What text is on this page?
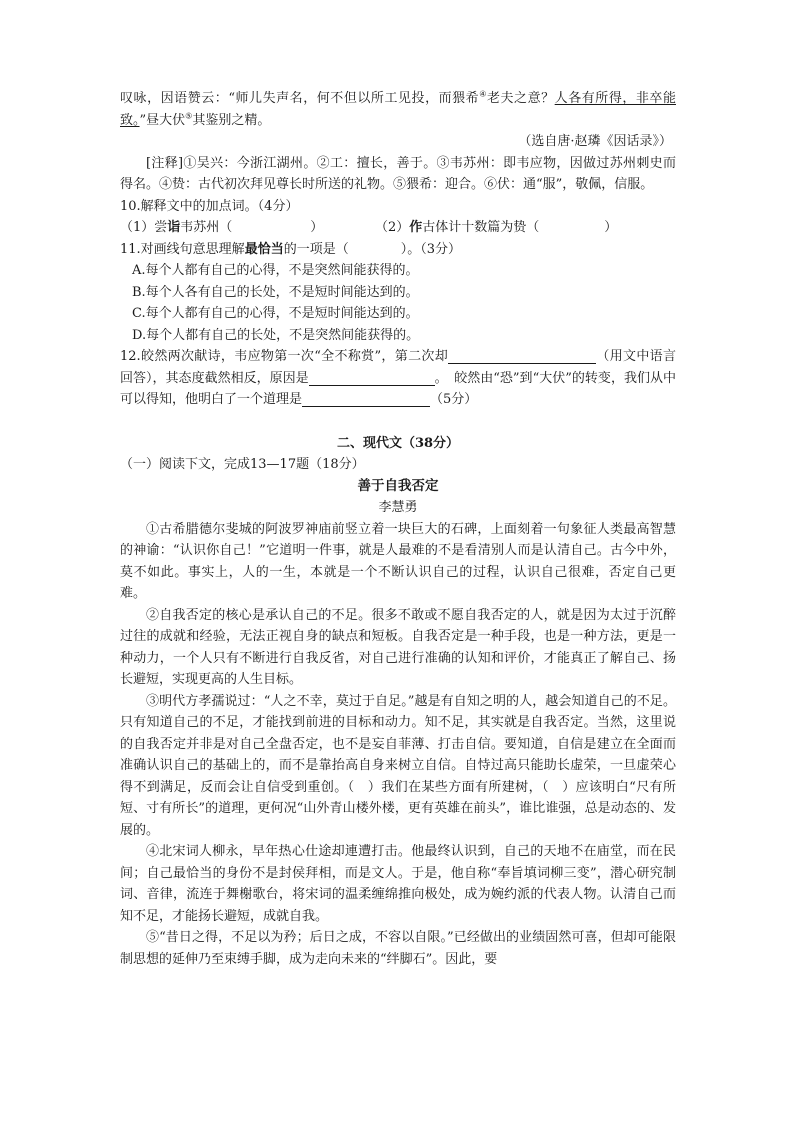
叹咏，因语赞云：“师儿失声名，何不但以所工见投，而猥希④老夫之意？人各有所得，非卒能致。”昼大伏⑤其鉴别之精。

（选自唐·赵璘《因话录》）

[注释]①吴兴：今浙江湖州。②工：擅长，善于。③韦苏州：即韦应物，因做过苏州刺史而得名。④贽：古代初次拜见尊长时所送的礼物。⑤猥希：迎合。⑥伏：通“服”，敬佩，信服。

10.解释文中的加点词。（4分）

（1）尝诣韦苏州（　　　　　　）	（2）作古体计十数篇为贽（　　　　　）

11.对画线句意思理解最恰当的一项是（　　　　）。（3分）

A.每个人都有自己的心得，不是突然间能获得的。

B.每个人各有自己的长处，不是短时间能达到的。

C.每个人都有自己的心得，不是短时间能达到的。

D.每个人都有自己的长处，不是突然间能获得的。

12.皎然两次献诗，韦应物第一次“全不称赏”，第二次却	（用文中语言回答），其态度截然相反，原因是	。　皎然由“恐”到“大伏”的转变，我们从中可以得知，他明白了一个道理是	（5分）

二、现代文（38分）

（一）阅读下文，完成13—17题（18分）

善于自我否定

李慧勇

①古希腊德尔斐城的阿波罗神庙前竖立着一块巨大的石碑，上面刻着一句象征人类最高智慧的神谕：“认识你自己！”它道明一件事，就是人最难的不是看清别人而是认清自己。古今中外，莫不如此。事实上，人的一生，本就是一个不断认识自己的过程，认识自己很难，否定自己更难。

②自我否定的核心是承认自己的不足。很多不敢或不愿自我否定的人，就是因为太过于沉醉过往的成就和经验，无法正视自身的缺点和短板。自我否定是一种手段，也是一种方法，更是一种动力，一个人只有不断进行自我反省，对自己进行准确的认知和评价，才能真正了解自己、扬长避短，实现更高的人生目标。

③明代方孝孺说过：“人之不幸，莫过于自足。”越是有自知之明的人，越会知道自己的不足。只有知道自己的不足，才能找到前进的目标和动力。知不足，其实就是自我否定。当然，这里说的自我否定并非是对自己全盘否定，也不是妄自菲薄、打击自信。要知道，自信是建立在全面而准确认识自己的基础上的，而不是靠抬高自身来树立自信。自恃过高只能助长虚荣，一旦虚荣心得不到满足，反而会让自信受到重创。（　）我们在某些方面有所建树，（　）应该明白“尺有所短、寸有所长”的道理，更何况“山外青山楼外楼，更有英雄在前头”，谁比谁强，总是动态的、发展的。

④北宋词人柳永，早年热心仕途却連遭打击。他最终认识到，自己的天地不在庙堂，而在民间；自己最恰当的身份不是封侯拜相，而是文人。于是，他自称“奉旨填词柳三变”，潜心研究制词、音律，流连于舞榭歌台，将宋词的温柔缠绵推向极处，成为婉约派的代表人物。认清自己而知不足，才能扬长避短，成就自我。

⑤“昔日之得，不足以为矜；后日之成，不容以自限。”已经做出的业绩固然可喜，但却可能限制思想的延伸乃至束缚手脚，成为走向未来的“绊脚石”。因此，要
